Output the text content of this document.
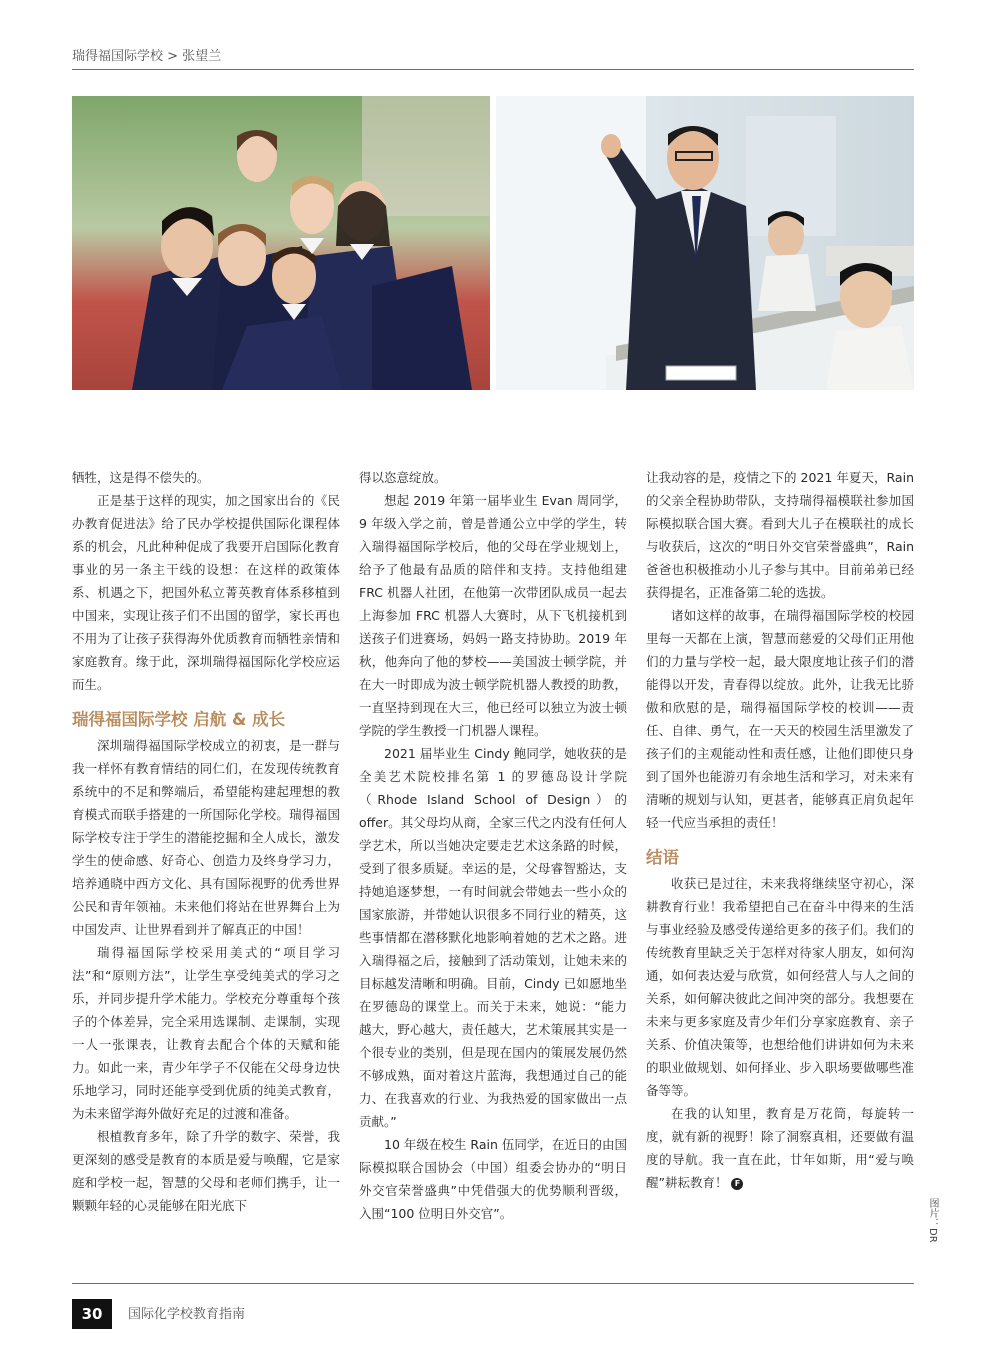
瑞得福国际学校 > 张望兰

牺牲，这是得不偿失的。

正是基于这样的现实，加之国家出台的《民办教育促进法》给了民办学校提供国际化课程体系的机会，凡此种种促成了我要开启国际化教育事业的另一条主干线的设想：在这样的政策体系、机遇之下，把国外私立菁英教育体系移植到中国来，实现让孩子们不出国的留学，家长再也不用为了让孩子获得海外优质教育而牺牲亲情和家庭教育。缘于此，深圳瑞得福国际化学校应运而生。

瑞得福国际学校 启航 & 成长

深圳瑞得福国际学校成立的初衷，是一群与我一样怀有教育情结的同仁们，在发现传统教育系统中的不足和弊端后，希望能构建起理想的教育模式而联手搭建的一所国际化学校。瑞得福国际学校专注于学生的潜能挖掘和全人成长，激发学生的使命感、好奇心、创造力及终身学习力，培养通晓中西方文化、具有国际视野的优秀世界公民和青年领袖。未来他们将站在世界舞台上为中国发声、让世界看到并了解真正的中国！

瑞得福国际学校采用美式的“项目学习法”和“原则方法”，让学生享受纯美式的学习之乐，并同步提升学术能力。学校充分尊重每个孩子的个体差异，完全采用选课制、走课制，实现一人一张课表，让教育去配合个体的天赋和能力。如此一来，青少年学子不仅能在父母身边快乐地学习，同时还能享受到优质的纯美式教育，为未来留学海外做好充足的过渡和准备。

根植教育多年，除了升学的数字、荣誉，我更深刻的感受是教育的本质是爱与唤醒，它是家庭和学校一起，智慧的父母和老师们携手，让一颗颗年轻的心灵能够在阳光底下

得以恣意绽放。

想起 2019 年第一届毕业生 Evan 周同学，9 年级入学之前，曾是普通公立中学的学生，转入瑞得福国际学校后，他的父母在学业规划上，给予了他最有品质的陪伴和支持。支持他组建 FRC 机器人社团，在他第一次带团队成员一起去上海参加 FRC 机器人大赛时，从下飞机接机到送孩子们进赛场，妈妈一路支持协助。2019 年秋，他奔向了他的梦校——美国波士顿学院，并在大一时即成为波士顿学院机器人教授的助教，一直坚持到现在大三，他已经可以独立为波士顿学院的学生教授一门机器人课程。

2021 届毕业生 Cindy 鲍同学，她收获的是全美艺术院校排名第 1 的罗德岛设计学院（Rhode Island School of Design）的 offer。其父母均从商，全家三代之内没有任何人学艺术，所以当她决定要走艺术这条路的时候，受到了很多质疑。幸运的是，父母睿智豁达，支持她追逐梦想，一有时间就会带她去一些小众的国家旅游，并带她认识很多不同行业的精英，这些事情都在潜移默化地影响着她的艺术之路。进入瑞得福之后，接触到了活动策划，让她未来的目标越发清晰和明确。目前，Cindy 已如愿地坐在罗德岛的课堂上。而关于未来，她说：“能力越大，野心越大，责任越大，艺术策展其实是一个很专业的类别，但是现在国内的策展发展仍然不够成熟，面对着这片蓝海，我想通过自己的能力、在我喜欢的行业、为我热爱的国家做出一点贡献。”

10 年级在校生 Rain 伍同学，在近日的由国际模拟联合国协会（中国）组委会协办的“明日外交官荣誉盛典”中凭借强大的优势顺利晋级，入围“100 位明日外交官”。

让我动容的是，疫情之下的 2021 年夏天，Rain 的父亲全程协助带队，支持瑞得福模联社参加国际模拟联合国大赛。看到大儿子在模联社的成长与收获后，这次的“明日外交官荣誉盛典”，Rain 爸爸也积极推动小儿子参与其中。目前弟弟已经获得提名，正准备第二轮的选拔。

诸如这样的故事，在瑞得福国际学校的校园里每一天都在上演，智慧而慈爱的父母们正用他们的力量与学校一起，最大限度地让孩子们的潜能得以开发，青春得以绽放。此外，让我无比骄傲和欣慰的是，瑞得福国际学校的校训——责任、自律、勇气，在一天天的校园生活里激发了孩子们的主观能动性和责任感，让他们即使只身到了国外也能游刃有余地生活和学习，对未来有清晰的规划与认知，更甚者，能够真正肩负起年轻一代应当承担的责任！

结语

收获已是过往，未来我将继续坚守初心，深耕教育行业！我希望把自己在奋斗中得来的生活与事业经验及感受传递给更多的孩子们。我们的传统教育里缺乏关于怎样对待家人朋友，如何沟通，如何表达爱与欣赏，如何经营人与人之间的关系，如何解决彼此之间冲突的部分。我想要在未来与更多家庭及青少年们分享家庭教育、亲子关系、价值决策等，也想给他们讲讲如何为未来的职业做规划、如何择业、步入职场要做哪些准备等等。

在我的认知里，教育是万花筒，每旋转一度，就有新的视野！除了洞察真相，还要做有温度的导航。我一直在此，廿年如斯，用“爱与唤醒”耕耘教育！ F

图片：DR
30	国际化学校教育指南
